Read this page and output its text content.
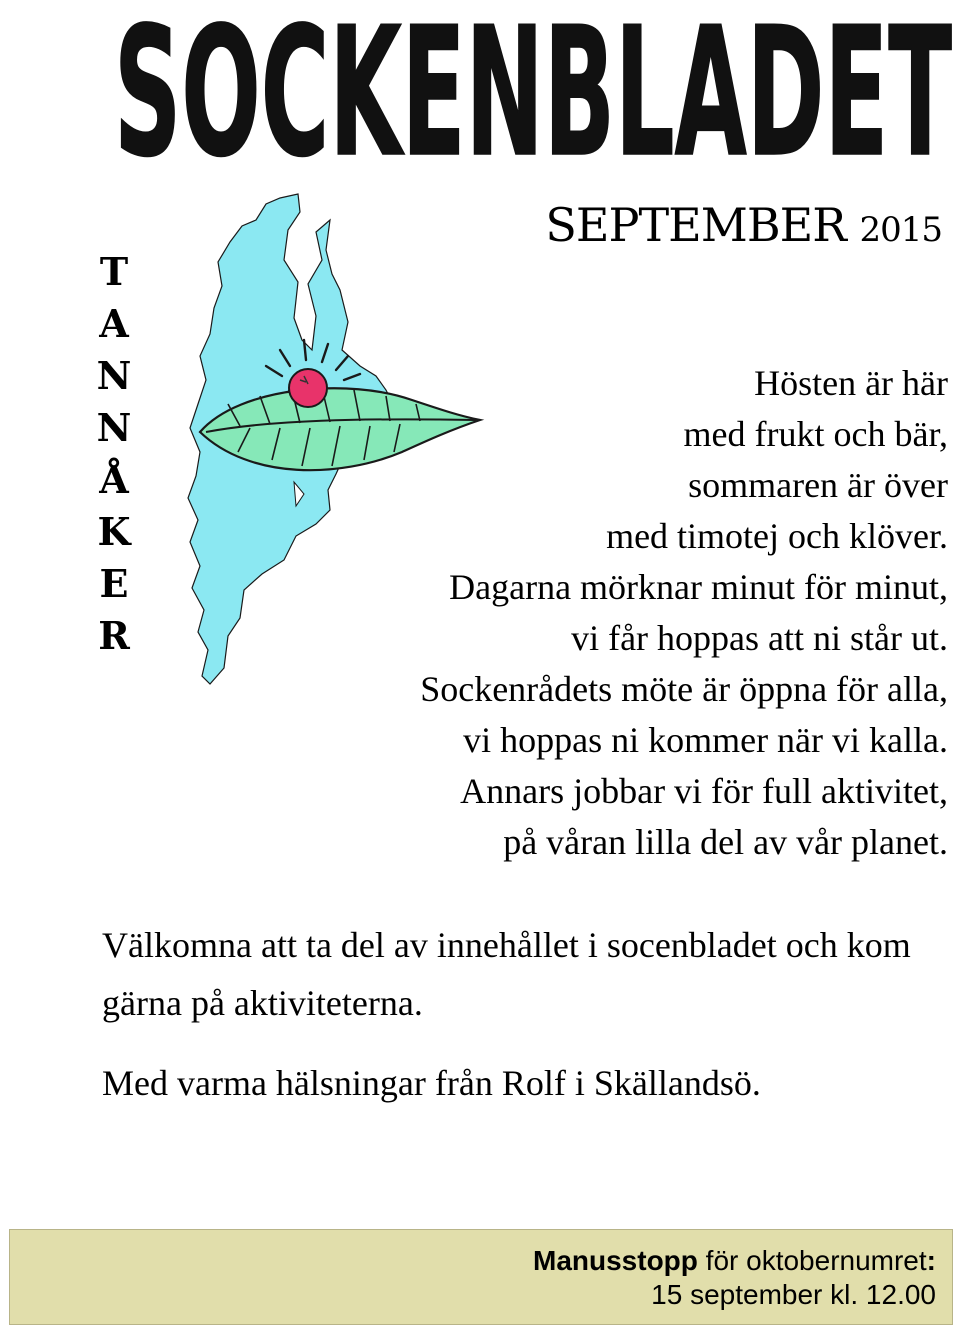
SOCKENBLADET
SEPTEMBER 2015
T
A
N
N
Å
K
E
R
Hösten är här
med frukt och bär,
sommaren är över
med timotej och klöver.
Dagarna mörknar minut för minut,
vi får hoppas att ni står ut.
Sockenrådets möte är öppna för alla,
vi hoppas ni kommer när vi kalla.
Annars jobbar vi för full aktivitet,
på våran lilla del av vår planet.

Välkomna att ta del av innehållet i socenbladet och kom gärna på aktiviteterna.

Med varma hälsningar från Rolf i Skällandsö.

Manusstopp för oktobernumret:
15 september kl. 12.00
